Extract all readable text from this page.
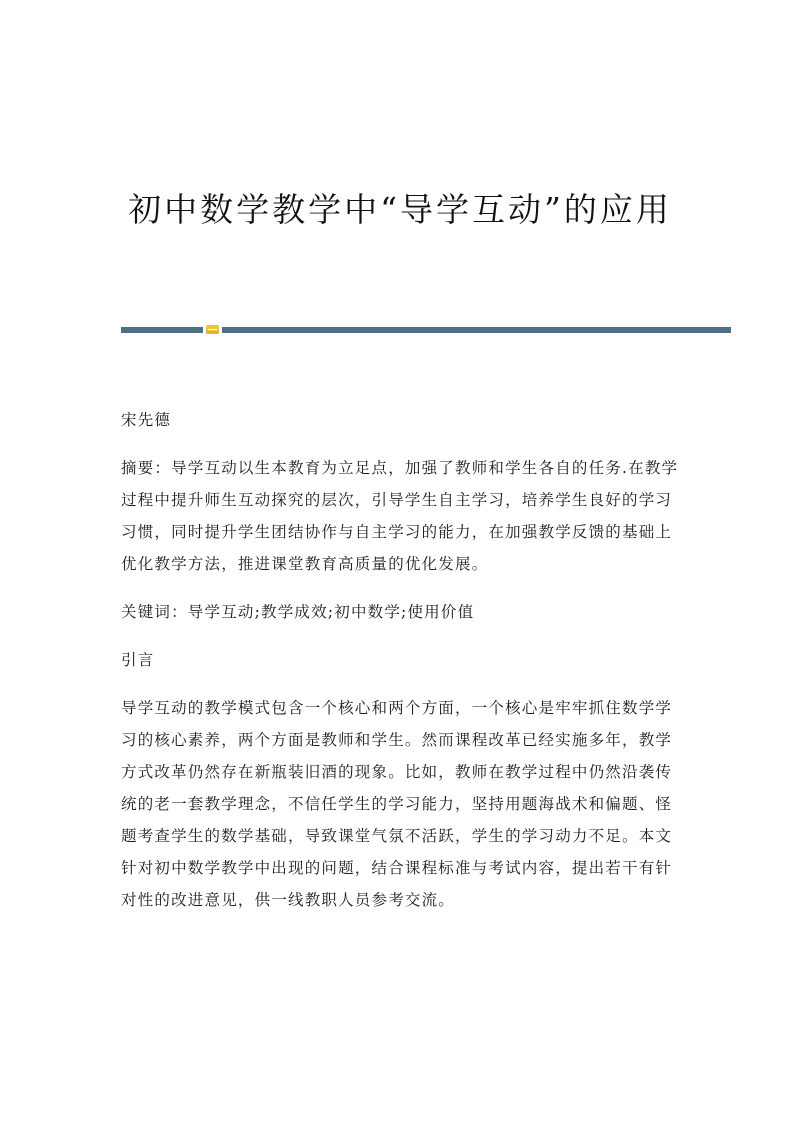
初中数学教学中“导学互动”的应用

宋先德

摘要：导学互动以生本教育为立足点，加强了教师和学生各自的任务.在教学过程中提升师生互动探究的层次，引导学生自主学习，培养学生良好的学习习惯，同时提升学生团结协作与自主学习的能力，在加强教学反馈的基础上优化教学方法，推进课堂教育高质量的优化发展。

关键词：导学互动;教学成效;初中数学;使用价值

引言

导学互动的教学模式包含一个核心和两个方面，一个核心是牢牢抓住数学学习的核心素养，两个方面是教师和学生。然而课程改革已经实施多年，教学方式改革仍然存在新瓶装旧酒的现象。比如，教师在教学过程中仍然沿袭传统的老一套教学理念，不信任学生的学习能力，坚持用题海战术和偏题、怪题考查学生的数学基础，导致课堂气氛不活跃，学生的学习动力不足。本文针对初中数学教学中出现的问题，结合课程标准与考试内容，提出若干有针对性的改进意见，供一线教职人员参考交流。
